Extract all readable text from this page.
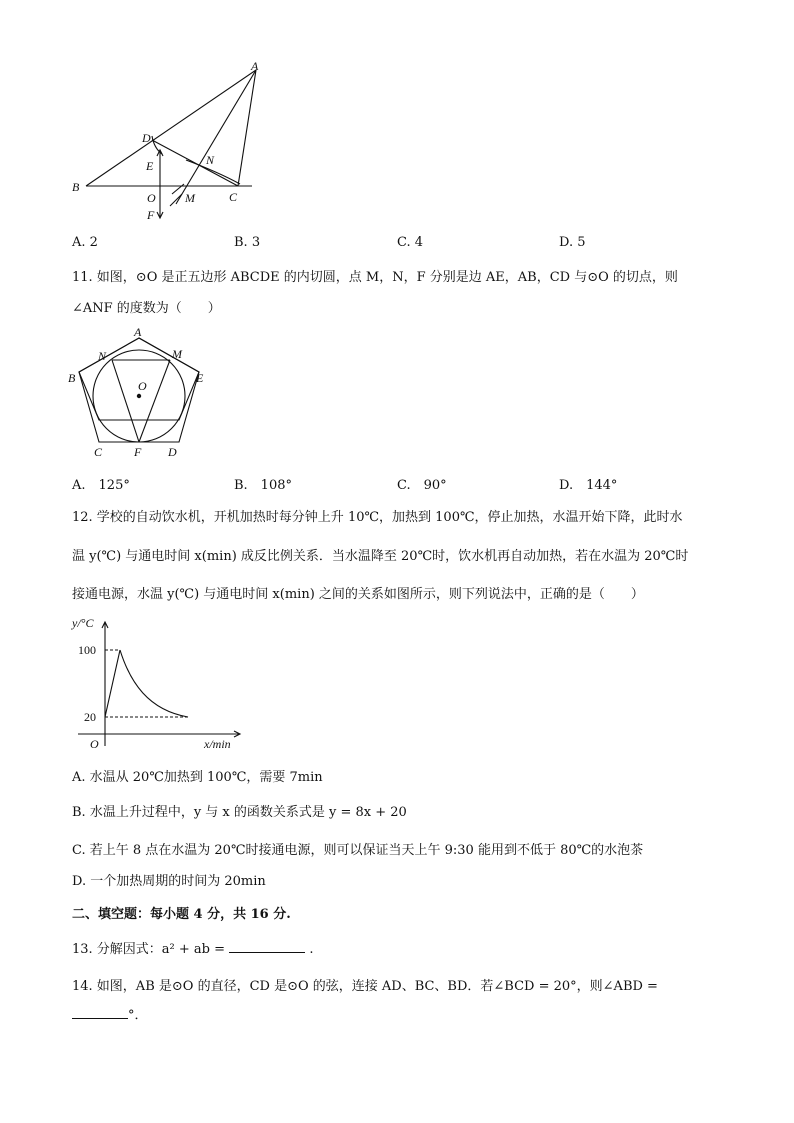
A
D
E	N
B
O M	C
F
A. 2	B. 3	C. 4	D. 5
11. 如图，⊙O 是正五边形 ABCDE 的内切圆，点 M，N，F 分别是边 AE，AB，CD 与⊙O 的切点，则
∠ANF 的度数为（　　）
A
N	M
B	E
O
C	F D
A.　125°	B.　108°	C.　90°	D.　144°
12. 学校的自动饮水机，开机加热时每分钟上升 10℃，加热到 100℃，停止加热，水温开始下降，此时水
温 y(℃) 与通电时间 x(min) 成反比例关系．当水温降至 20℃时，饮水机再自动加热，若在水温为 20℃时
接通电源，水温 y(℃) 与通电时间 x(min) 之间的关系如图所示，则下列说法中，正确的是（　　）
y/°C
100
20
O	x/min
A. 水温从 20℃加热到 100℃，需要 7min
B. 水温上升过程中，y 与 x 的函数关系式是 y = 8x + 20
C. 若上午 8 点在水温为 20℃时接通电源，则可以保证当天上午 9:30 能用到不低于 80℃的水泡茶
D. 一个加热周期的时间为 20min
二、填空题：每小题 4 分，共 16 分.
13. 分解因式：a² + ab =	.
14. 如图，AB 是⊙O 的直径，CD 是⊙O 的弦，连接 AD、BC、BD．若∠BCD = 20°，则∠ABD =
°．
